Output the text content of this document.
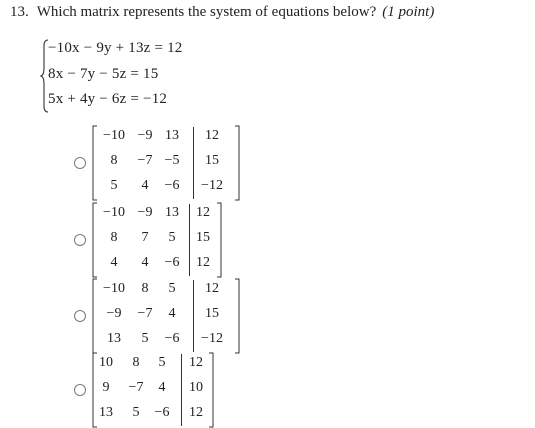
13. Which matrix represents the system of equations below? (1 point)
−10x − 9y + 13z = 12
8x − 7y − 5z = 15
5x + 4y − 6z = −12
−10 −9 13	12
8	−7 −5	15
5	4	−6	−12
−10 −9 13	12
8	7	5	15
4	4	−6	12
−10	8	5	12
−9	−7	4	15
13	5	−6	−12
10	8	5	12
9	−7	4	10
13	5	−6	12
